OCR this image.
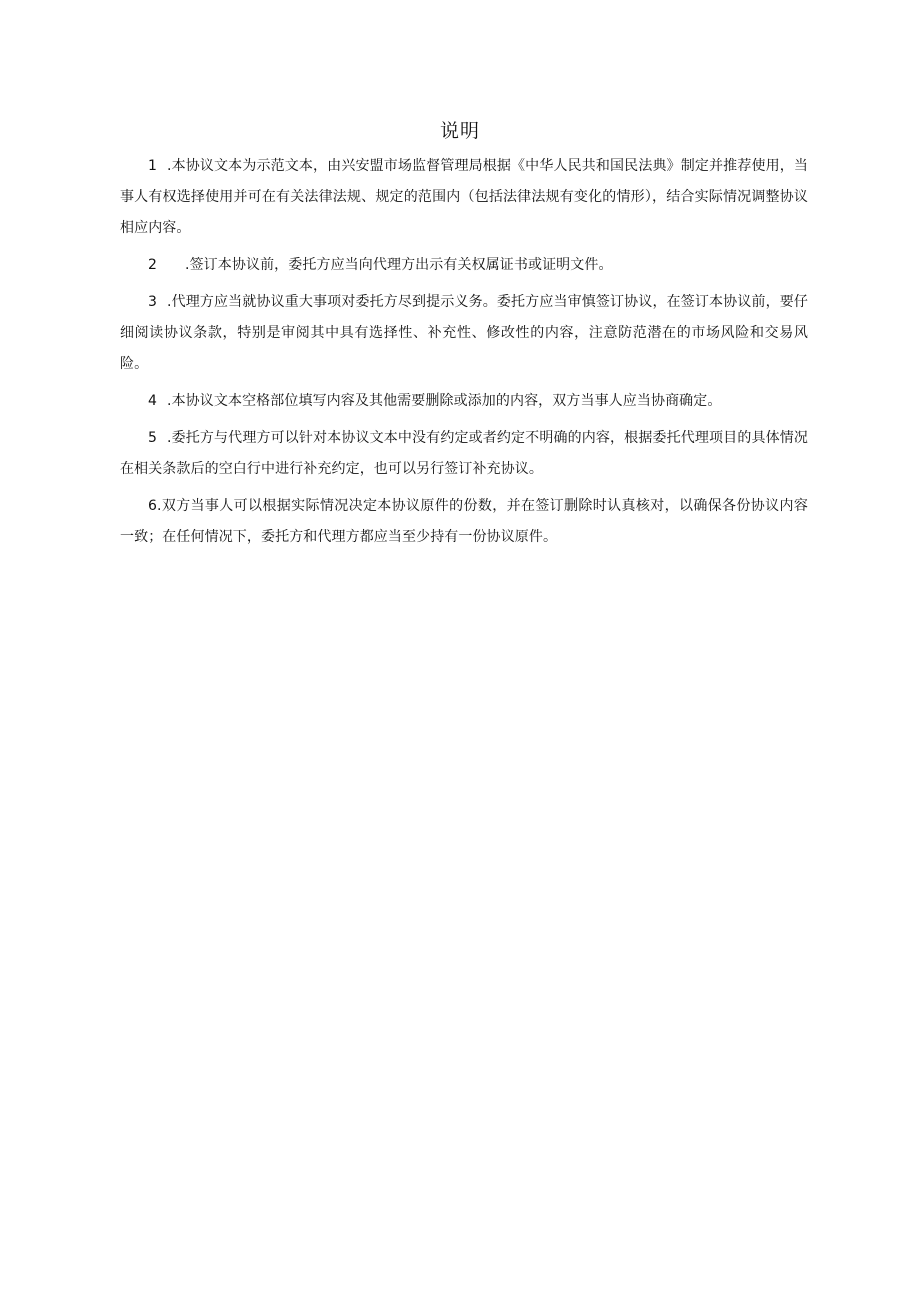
说明

1 .本协议文本为示范文本，由兴安盟市场监督管理局根据《中华人民共和国民法典》制定并推荐使用，当事人有权选择使用并可在有关法律法规、规定的范围内（包括法律法规有变化的情形），结合实际情况调整协议相应内容。

2 .签订本协议前，委托方应当向代理方出示有关权属证书或证明文件。

3 .代理方应当就协议重大事项对委托方尽到提示义务。委托方应当审慎签订协议，在签订本协议前，要仔细阅读协议条款，特别是审阅其中具有选择性、补充性、修改性的内容，注意防范潜在的市场风险和交易风险。

4 .本协议文本空格部位填写内容及其他需要删除或添加的内容，双方当事人应当协商确定。

5 .委托方与代理方可以针对本协议文本中没有约定或者约定不明确的内容，根据委托代理项目的具体情况在相关条款后的空白行中进行补充约定，也可以另行签订补充协议。

6.双方当事人可以根据实际情况决定本协议原件的份数，并在签订删除时认真核对，以确保各份协议内容一致；在任何情况下，委托方和代理方都应当至少持有一份协议原件。
